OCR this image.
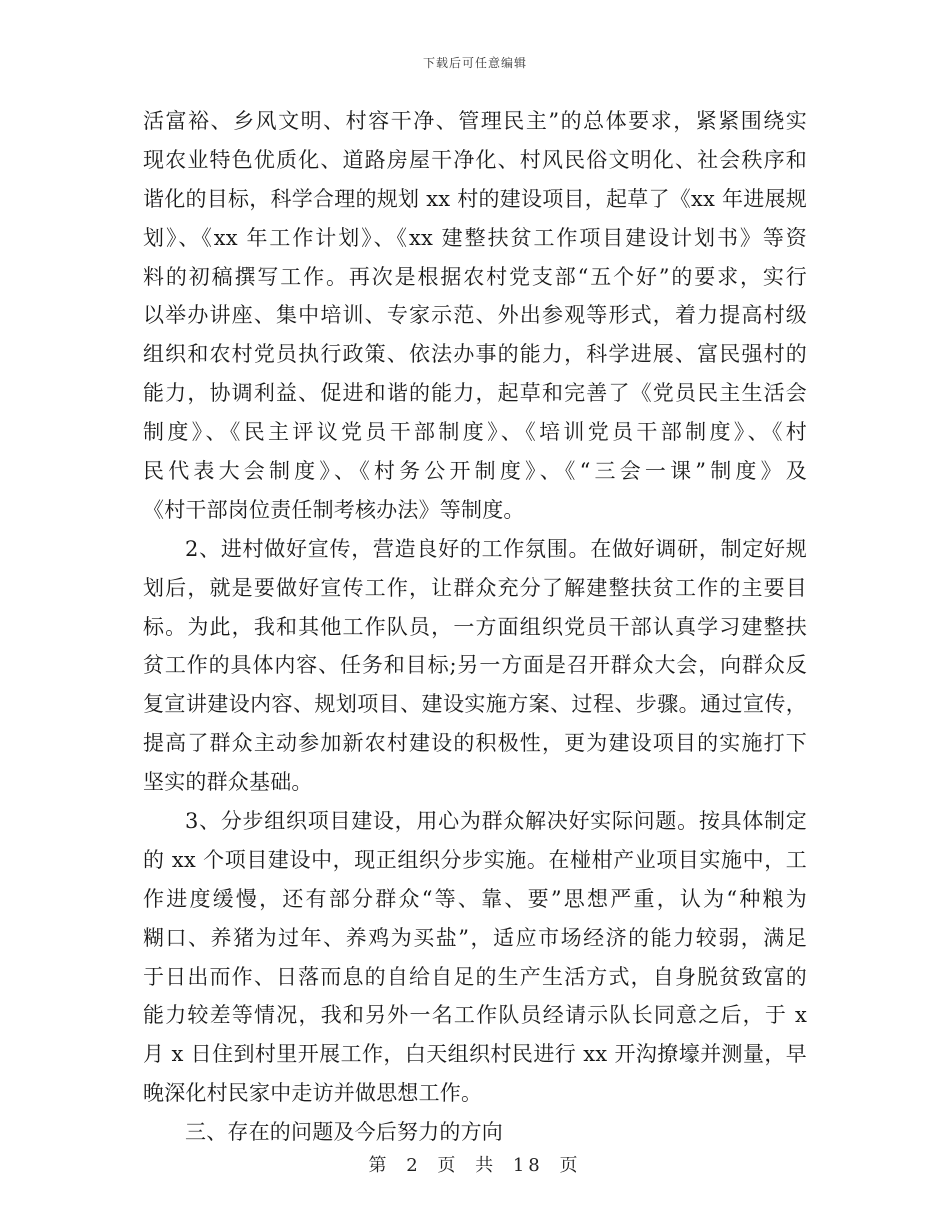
下载后可任意编辑
活富裕、乡风文明、村容干净、管理民主”的总体要求，紧紧围绕实
现农业特色优质化、道路房屋干净化、村风民俗文明化、社会秩序和
谐化的目标，科学合理的规划 xx 村的建设项目，起草了《xx 年进展规
划》、《xx 年工作计划》、《xx 建整扶贫工作项目建设计划书》等资
料的初稿撰写工作。再次是根据农村党支部“五个好”的要求，实行
以举办讲座、集中培训、专家示范、外出参观等形式，着力提高村级
组织和农村党员执行政策、依法办事的能力，科学进展、富民强村的
能力，协调利益、促进和谐的能力，起草和完善了《党员民主生活会
制度》、《民主评议党员干部制度》、《培训党员干部制度》、《村
民代表大会制度》、《村务公开制度》、《“三会一课”制度》及
《村干部岗位责任制考核办法》等制度。
2、进村做好宣传，营造良好的工作氛围。在做好调研，制定好规
划后，就是要做好宣传工作，让群众充分了解建整扶贫工作的主要目
标。为此，我和其他工作队员，一方面组织党员干部认真学习建整扶
贫工作的具体内容、任务和目标;另一方面是召开群众大会，向群众反
复宣讲建设内容、规划项目、建设实施方案、过程、步骤。通过宣传，
提高了群众主动参加新农村建设的积极性，更为建设项目的实施打下
坚实的群众基础。
3、分步组织项目建设，用心为群众解决好实际问题。按具体制定
的 xx 个项目建设中，现正组织分步实施。在椪柑产业项目实施中，工
作进度缓慢，还有部分群众“等、靠、要”思想严重，认为“种粮为
糊口、养猪为过年、养鸡为买盐”，适应市场经济的能力较弱，满足
于日出而作、日落而息的自给自足的生产生活方式，自身脱贫致富的
能力较差等情况，我和另外一名工作队员经请示队长同意之后，于 x
月 x 日住到村里开展工作，白天组织村民进行 xx 开沟撩壕并测量，早
晚深化村民家中走访并做思想工作。
三、存在的问题及今后努力的方向
第 2 页 共 18 页
